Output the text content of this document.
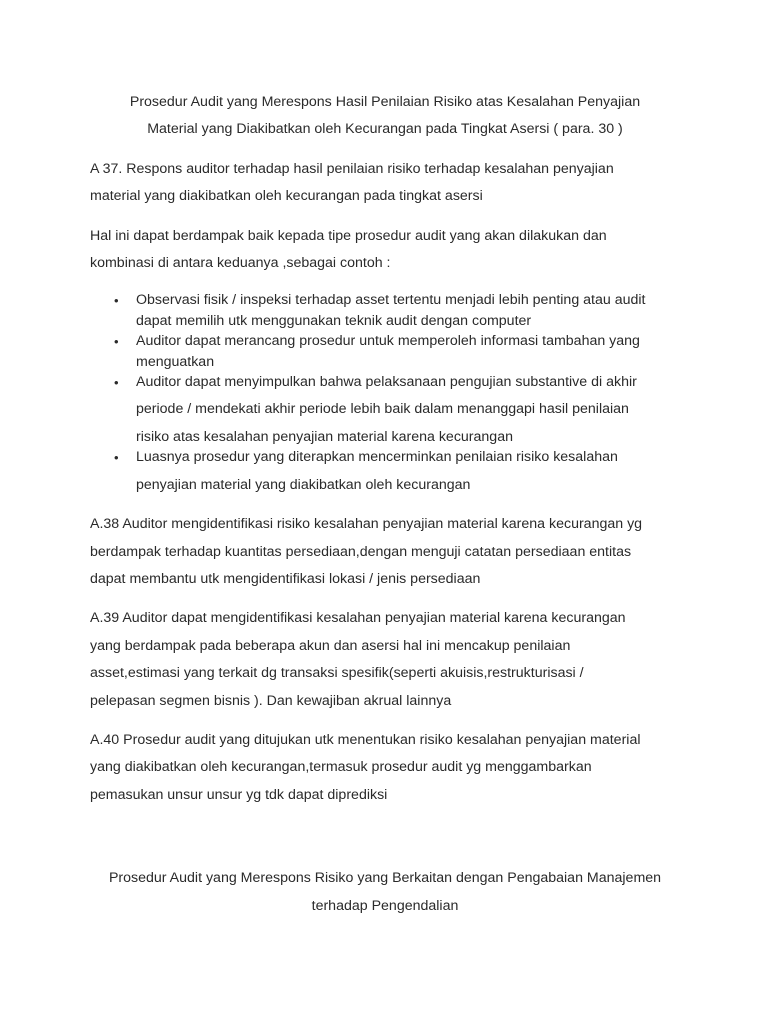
Prosedur Audit yang Merespons Hasil Penilaian Risiko atas Kesalahan Penyajian
Material yang Diakibatkan oleh Kecurangan pada Tingkat Asersi ( para. 30 )
A 37. Respons auditor terhadap hasil penilaian risiko terhadap kesalahan penyajian
material yang diakibatkan oleh kecurangan pada tingkat asersi
Hal ini dapat berdampak baik kepada tipe prosedur audit yang akan dilakukan dan
kombinasi di antara keduanya ,sebagai contoh :
• Observasi fisik / inspeksi terhadap asset tertentu menjadi lebih penting atau audit
dapat memilih utk menggunakan teknik audit dengan computer
• Auditor dapat merancang prosedur untuk memperoleh informasi tambahan yang
menguatkan
• Auditor dapat menyimpulkan bahwa pelaksanaan pengujian substantive di akhir
periode / mendekati akhir periode lebih baik dalam menanggapi hasil penilaian
risiko atas kesalahan penyajian material karena kecurangan
• Luasnya prosedur yang diterapkan mencerminkan penilaian risiko kesalahan
penyajian material yang diakibatkan oleh kecurangan
A.38 Auditor mengidentifikasi risiko kesalahan penyajian material karena kecurangan yg
berdampak terhadap kuantitas persediaan,dengan menguji catatan persediaan entitas
dapat membantu utk mengidentifikasi lokasi / jenis persediaan
A.39 Auditor dapat mengidentifikasi kesalahan penyajian material karena kecurangan
yang berdampak pada beberapa akun dan asersi hal ini mencakup penilaian
asset,estimasi yang terkait dg transaksi spesifik(seperti akuisis,restrukturisasi /
pelepasan segmen bisnis ). Dan kewajiban akrual lainnya
A.40 Prosedur audit yang ditujukan utk menentukan risiko kesalahan penyajian material
yang diakibatkan oleh kecurangan,termasuk prosedur audit yg menggambarkan
pemasukan unsur unsur yg tdk dapat diprediksi
Prosedur Audit yang Merespons Risiko yang Berkaitan dengan Pengabaian Manajemen
terhadap Pengendalian
